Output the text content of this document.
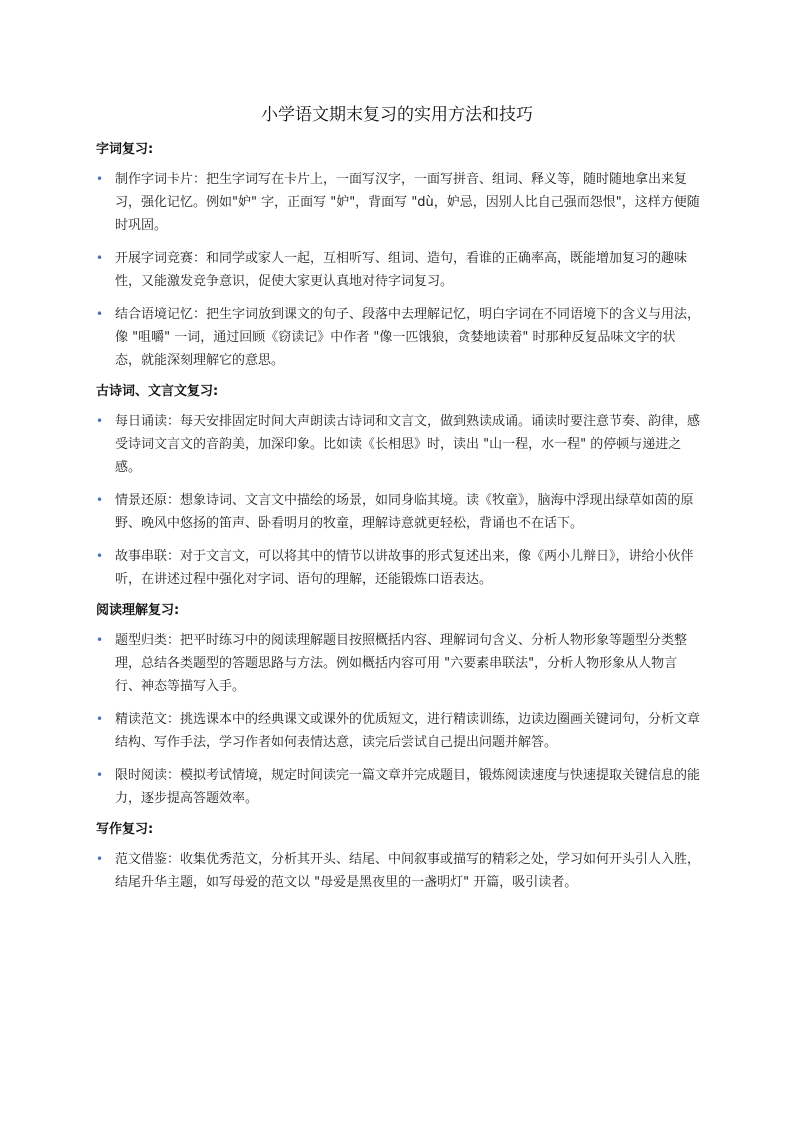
小学语文期末复习的实用方法和技巧
字词复习:
• 制作字词卡片：把生字词写在卡片上，一面写汉字，一面写拼音、组词、释义等，随时随地拿出来复习，强化记忆。例如"妒" 字，正面写 "妒"，背面写 "dù，妒忌，因别人比自己强而怨恨"，这样方便随时巩固。
• 开展字词竞赛：和同学或家人一起，互相听写、组词、造句，看谁的正确率高，既能增加复习的趣味性，又能激发竞争意识，促使大家更认真地对待字词复习。
• 结合语境记忆：把生字词放到课文的句子、段落中去理解记忆，明白字词在不同语境下的含义与用法，像 "咀嚼" 一词，通过回顾《窃读记》中作者 "像一匹饿狼，贪婪地读着" 时那种反复品味文字的状态，就能深刻理解它的意思。
古诗词、文言文复习:
• 每日诵读：每天安排固定时间大声朗读古诗词和文言文，做到熟读成诵。诵读时要注意节奏、韵律，感受诗词文言文的音韵美，加深印象。比如读《长相思》时，读出 "山一程，水一程" 的停顿与递进之感。
• 情景还原：想象诗词、文言文中描绘的场景，如同身临其境。读《牧童》，脑海中浮现出绿草如茵的原野、晚风中悠扬的笛声、卧看明月的牧童，理解诗意就更轻松，背诵也不在话下。
• 故事串联：对于文言文，可以将其中的情节以讲故事的形式复述出来，像《两小儿辩日》，讲给小伙伴听，在讲述过程中强化对字词、语句的理解，还能锻炼口语表达。
阅读理解复习:
• 题型归类：把平时练习中的阅读理解题目按照概括内容、理解词句含义、分析人物形象等题型分类整理，总结各类题型的答题思路与方法。例如概括内容可用 "六要素串联法"，分析人物形象从人物言行、神态等描写入手。
• 精读范文：挑选课本中的经典课文或课外的优质短文，进行精读训练，边读边圈画关键词句，分析文章结构、写作手法，学习作者如何表情达意，读完后尝试自己提出问题并解答。
• 限时阅读：模拟考试情境，规定时间读完一篇文章并完成题目，锻炼阅读速度与快速提取关键信息的能力，逐步提高答题效率。
写作复习:
• 范文借鉴：收集优秀范文，分析其开头、结尾、中间叙事或描写的精彩之处，学习如何开头引人入胜，结尾升华主题，如写母爱的范文以 "母爱是黑夜里的一盏明灯" 开篇，吸引读者。
